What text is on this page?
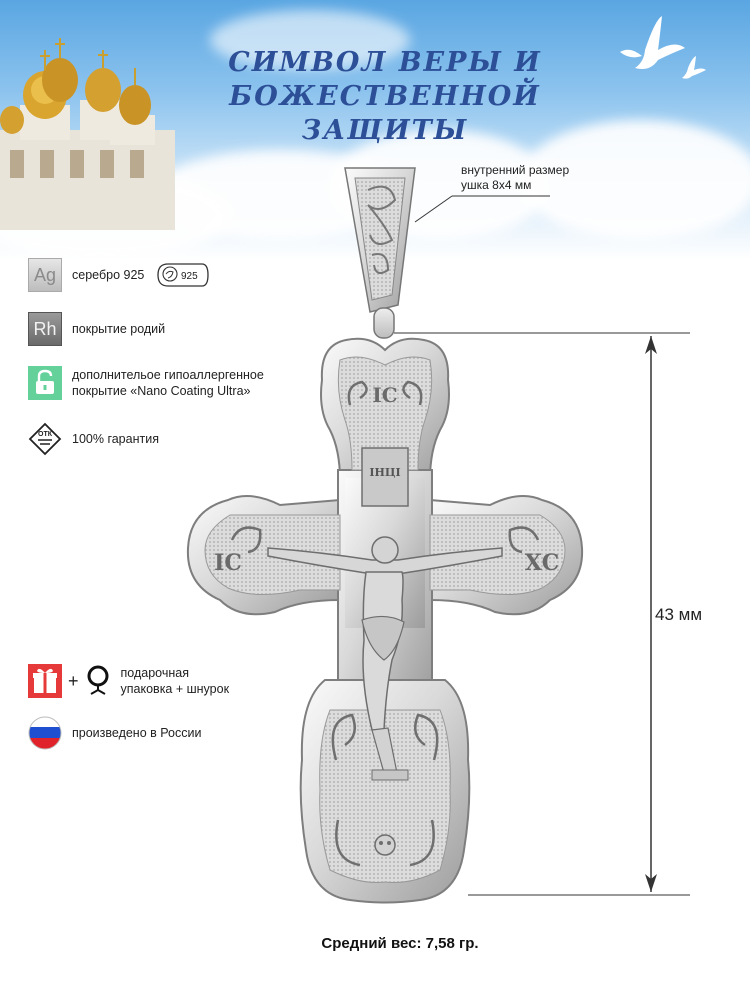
СИМВОЛ ВЕРЫ И
БОЖЕСТВЕННОЙ ЗАЩИТЫ
Ag	серебро 925	925
Rh	покрытие родий
дополнительое гипоаллергенное
покрытие «Nano Coating Ultra»
ОТК 100% гарантия
+	подарочная
упаковка + шнурок
произведено в России
ІНЦІ
ІС
ІС	ХС
внутренний размер
ушка 8х4 мм
43 мм
Средний вес: 7,58 гр.
